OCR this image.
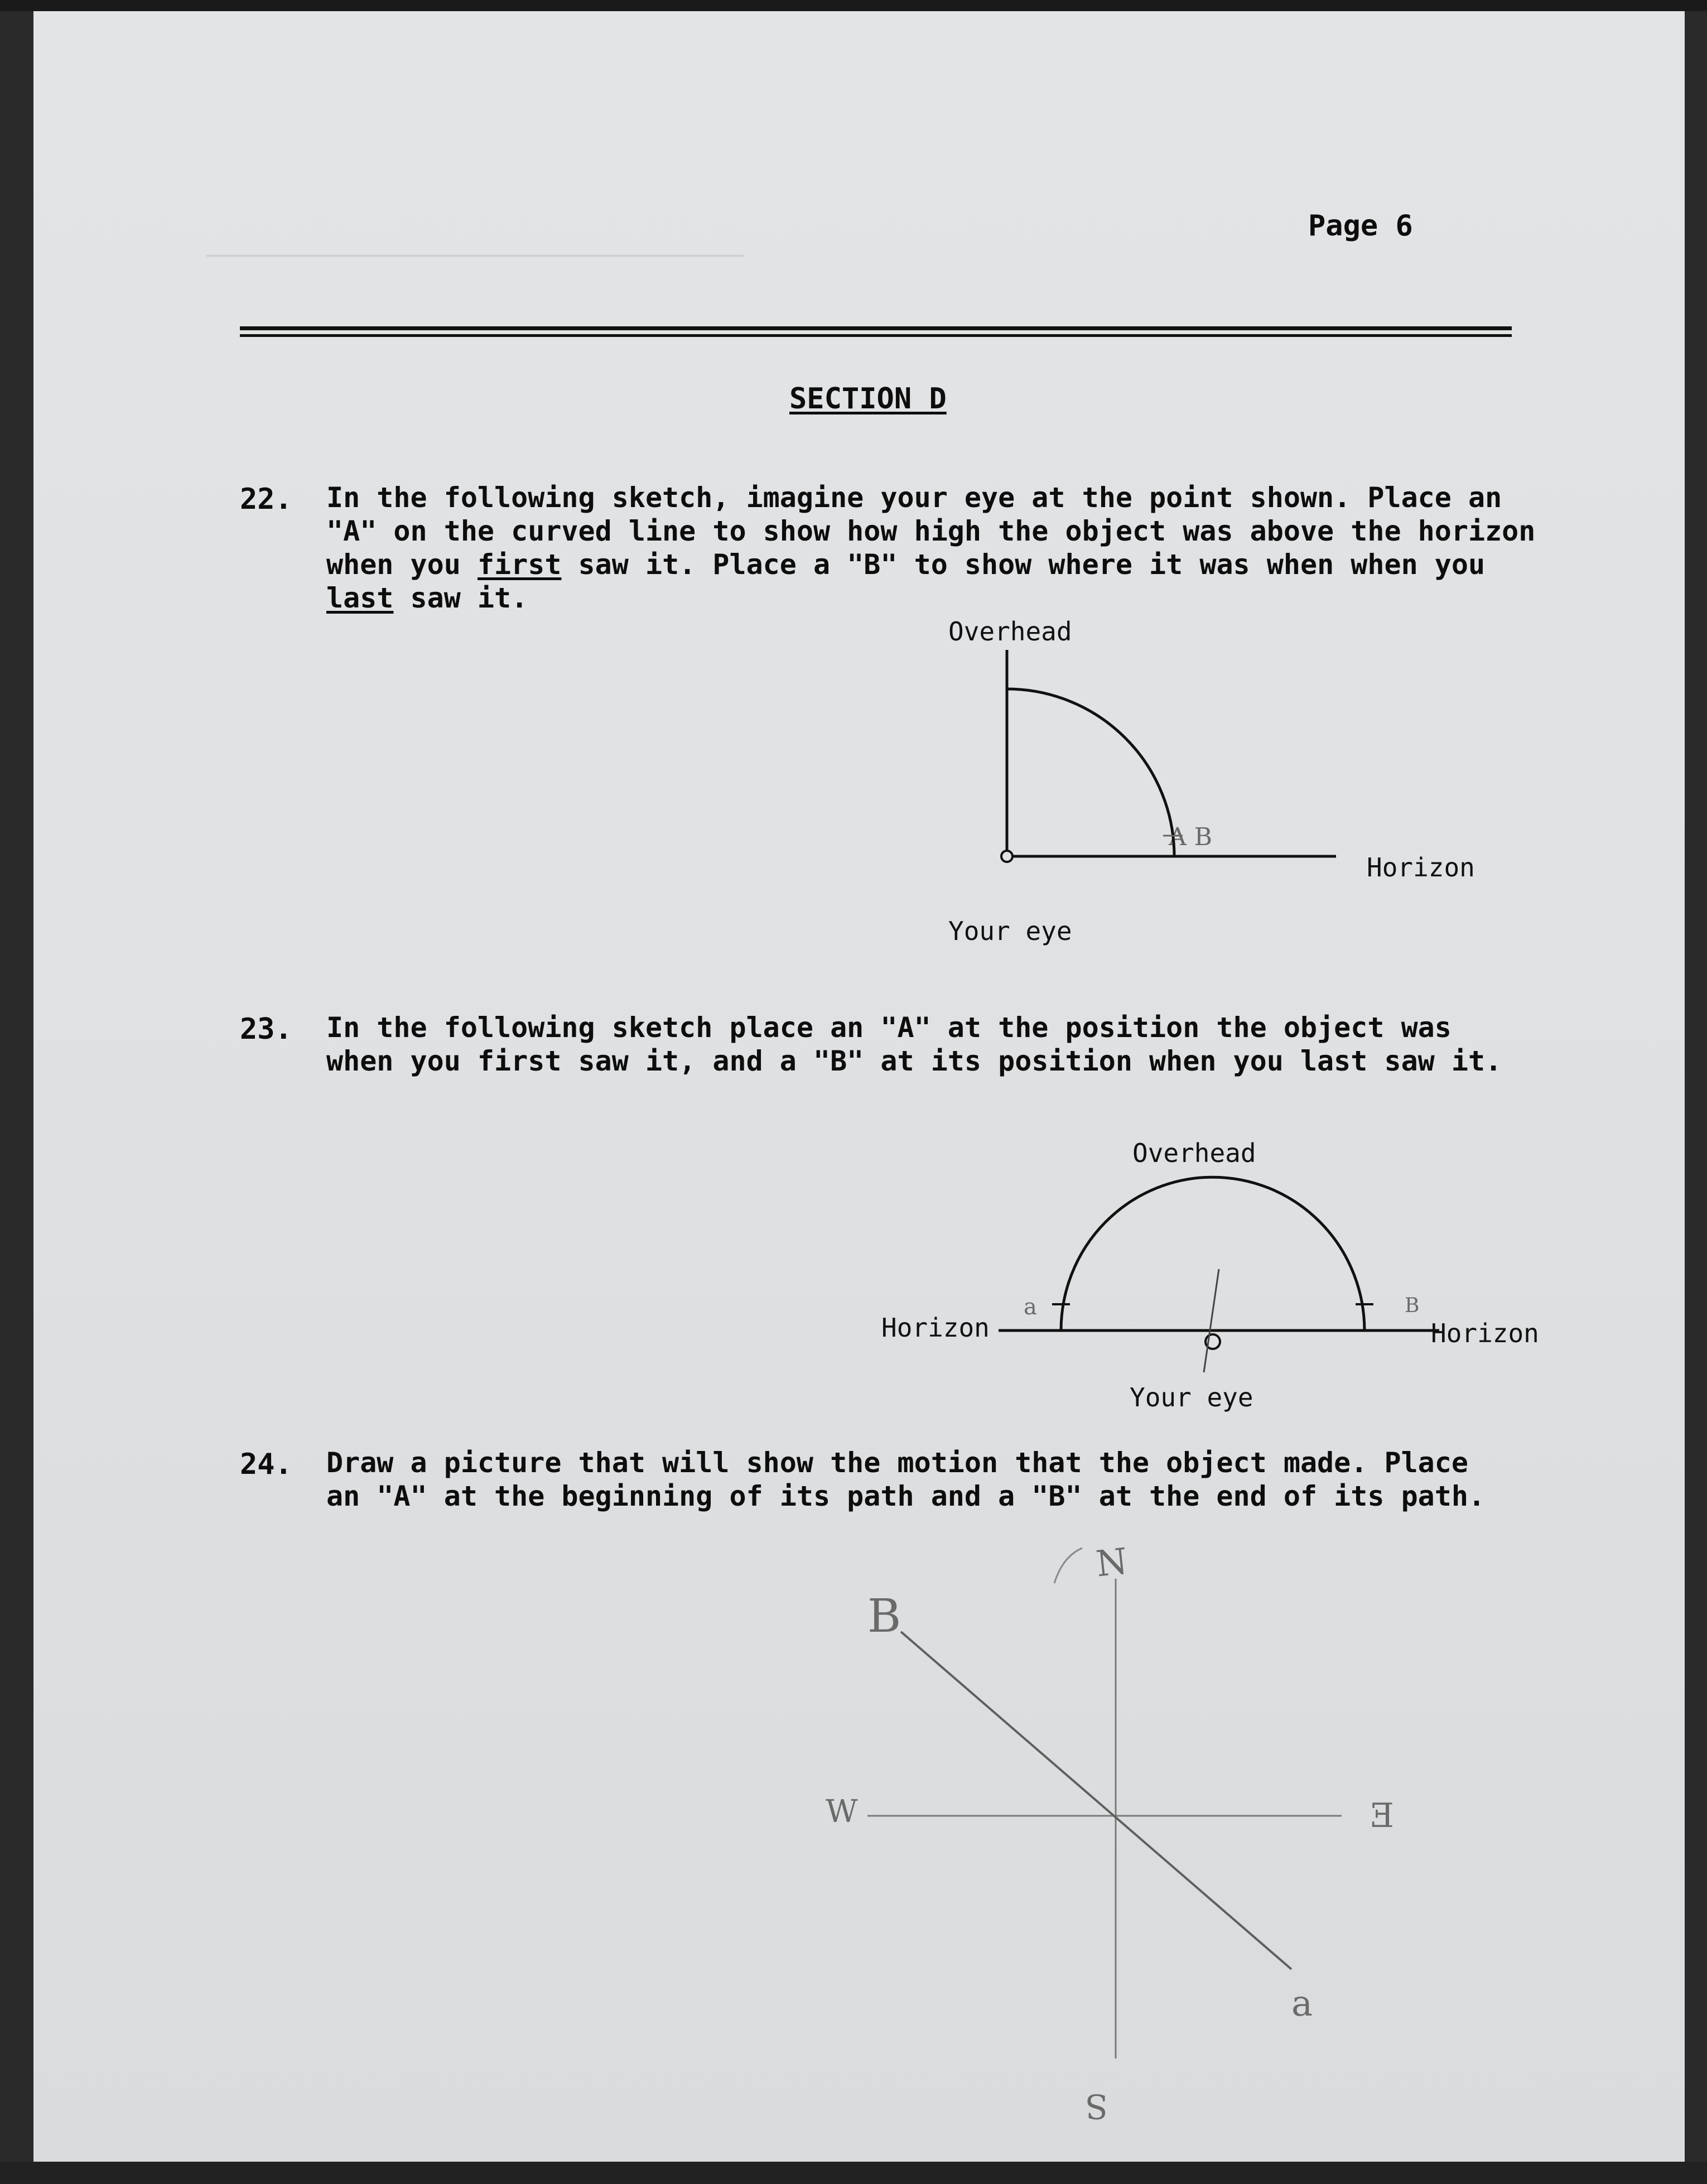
________________________________________
Page 6
SECTION D
22. In the following sketch, imagine your eye at the point shown. Place an
"A" on the curved line to show how high the object was above the horizon
when you first saw it. Place a "B" to show where it was when when you
last saw it.
Overhead
Horizon
Your eye
A B
23. In the following sketch place an "A" at the position the object was
when you first saw it, and a "B" at its position when you last saw it.
Overhead
Horizon	Horizon
Your eye
a	B
24. Draw a picture that will show the motion that the object made. Place
an "A" at the beginning of its path and a "B" at the end of its path.
N
S
E
W
B
a
